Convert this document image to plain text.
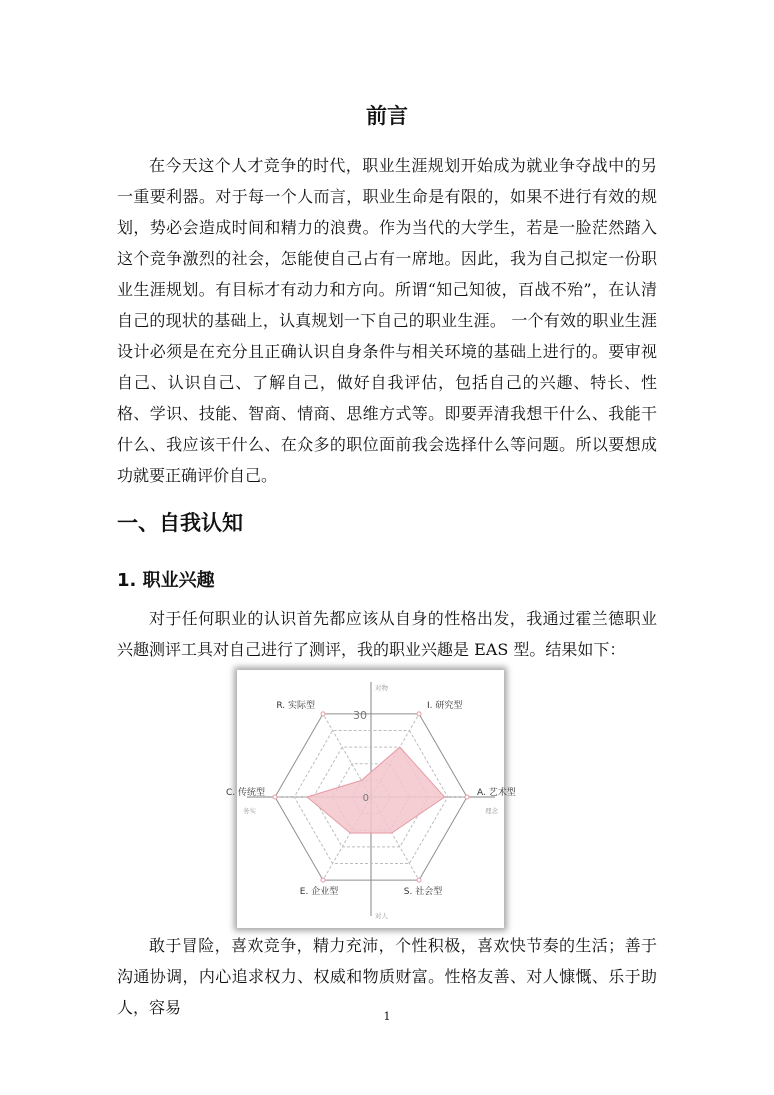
前言

在今天这个人才竞争的时代，职业生涯规划开始成为就业争夺战中的另一重要利器。对于每一个人而言，职业生命是有限的，如果不进行有效的规划，势必会造成时间和精力的浪费。作为当代的大学生，若是一脸茫然踏入这个竞争激烈的社会，怎能使自己占有一席地。因此，我为自己拟定一份职业生涯规划。有目标才有动力和方向。所谓“知己知彼，百战不殆”，在认清自己的现状的基础上，认真规划一下自己的职业生涯。 一个有效的职业生涯设计必须是在充分且正确认识自身条件与相关环境的基础上进行的。要审视自己、认识自己、了解自己，做好自我评估，包括自己的兴趣、特长、性格、学识、技能、智商、情商、思维方式等。即要弄清我想干什么、我能干什么、我应该干什么、在众多的职位面前我会选择什么等问题。所以要想成功就要正确评价自己。

一、自我认知
1. 职业兴趣

对于任何职业的认识首先都应该从自身的性格出发，我通过霍兰德职业兴趣测评工具对自己进行了测评，我的职业兴趣是 EAS 型。结果如下：

I. 研究型
A. 艺术型
S. 社会型
E. 企业型
C. 传统型
R. 实际型
30
0
对物
对人
务实	理念

敢于冒险，喜欢竞争，精力充沛，个性积极，喜欢快节奏的生活；善于沟通协调，内心追求权力、权威和物质财富。性格友善、对人慷慨、乐于助人，容易	1
